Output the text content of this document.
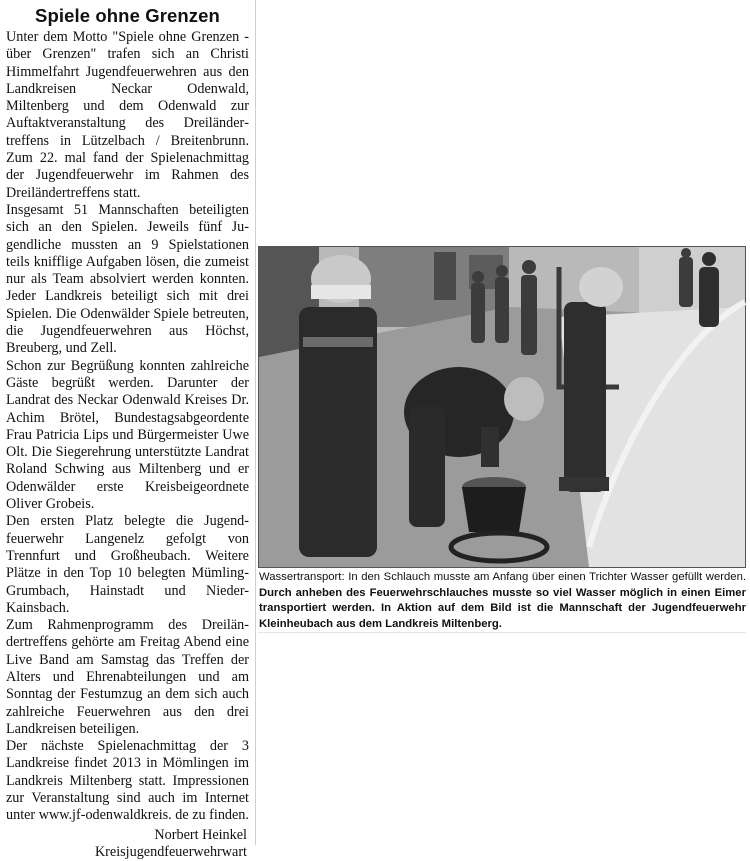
Spiele ohne Grenzen

Unter dem Motto "Spiele ohne Grenzen - über Grenzen" trafen sich an Christi Himmelfahrt Jugendfeuerwehren aus den Landkreisen Neckar Odenwald, Miltenberg und dem Odenwald zur Auftaktveranstaltung des Dreiländertreffens in Lützelbach / Breitenbrunn. Zum 22. mal fand der Spielenachmittag der Jugendfeuerwehr im Rahmen des Dreiländertreffens statt.

Insgesamt 51 Mannschaften beteiligten sich an den Spielen. Jeweils fünf Jugendliche mussten an 9 Spielstationen teils knifflige Aufgaben lösen, die zumeist nur als Team absolviert werden konnten. Jeder Landkreis beteiligt sich mit drei Spielen. Die Odenwälder Spiele betreuten, die Jugendfeuerwehren aus Höchst, Breuberg, und Zell.

Schon zur Begrüßung konnten zahlreiche Gäste begrüßt werden. Darunter der Landrat des Neckar Odenwald Kreises Dr. Achim Brötel, Bundestagsabgeordente Frau Patricia Lips und Bürgermeister Uwe Olt. Die Siegerehrung unterstützte Landrat Roland Schwing aus Miltenberg und er Odenwälder erste Kreisbeigeordnete Oliver Grobeis.

Den ersten Platz belegte die Jugendfeuerwehr Langenelz gefolgt von Trennfurt und Großheubach. Weitere Plätze in den Top 10 belegten Mümling-Grumbach, Hainstadt und Nieder-Kainsbach.

Zum Rahmenprogramm des Dreiländertreffens gehörte am Freitag Abend eine Live Band am Samstag das Treffen der Alters und Ehrenabteilungen und am Sonntag der Festumzug an dem sich auch zahlreiche Feuerwehren aus den drei Landkreisen beteiligen.

Der nächste Spielenachmittag der 3 Landkreise findet 2013 in Mömlingen im Landkreis Miltenberg statt. Impressionen zur Veranstaltung sind auch im Internet unter www.jf-odenwaldkreis. de zu finden.

Norbert Heinkel
Kreisjugendfeuerwehrwart
Wassertransport: In den Schlauch musste am Anfang über einen Trichter Wasser gefüllt werden. Durch anheben des Feuerwehrschlauches musste so viel Wasser möglich in einen Eimer transportiert werden. In Aktion auf dem Bild ist die Mannschaft der Jugendfeuerwehr Kleinheubach aus dem Landkreis Miltenberg.
